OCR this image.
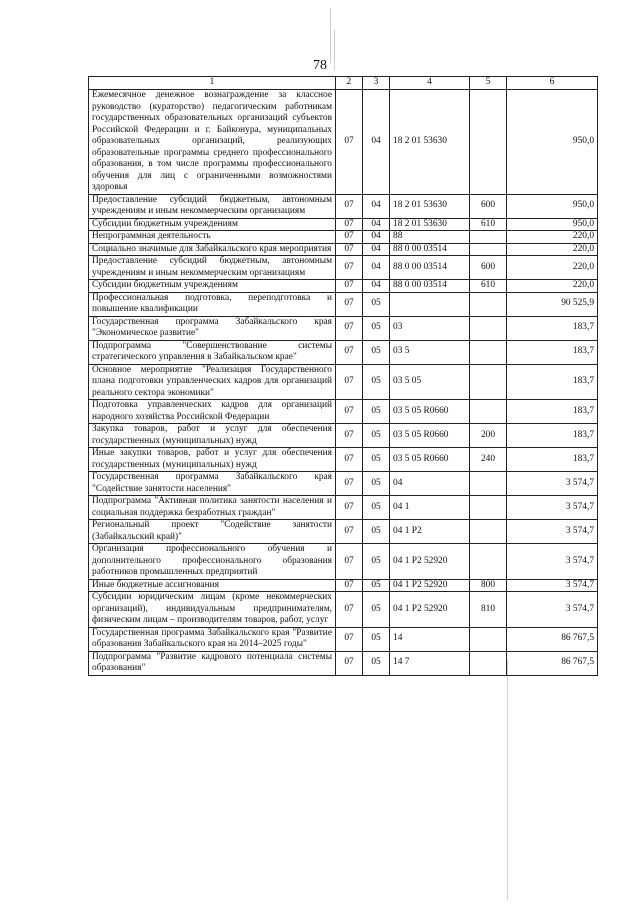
78
1	2	3	4	5	6
Ежемесячное денежное вознаграждение за классное руководство (кураторство) педагогическим работникам государственных образовательных организаций субъектов Российской Федерации и г. Байконура, муниципальных образовательных организаций, реализующих образовательные программы среднего профессионального образования, в том числе программы профессионального обучения для лиц с ограниченными возможностями здоровья	07	04	18 2 01 53630		950,0
Предоставление субсидий бюджетным, автономным учреждениям и иным некоммерческим организациям	07	04	18 2 01 53630	600	950,0
Субсидии бюджетным учреждениям	07	04	18 2 01 53630	610	950,0
Непрограммная деятельность	07	04	88		220,0
Социально значимые для Забайкальского края мероприятия	07	04	88 0 00 03514		220,0
Предоставление субсидий бюджетным, автономным учреждениям и иным некоммерческим организациям	07	04	88 0 00 03514	600	220,0
Субсидии бюджетным учреждениям	07	04	88 0 00 03514	610	220,0
Профессиональная подготовка, переподготовка и повышение квалификации	07	05			90 525,9
Государственная программа Забайкальского края "Экономическое развитие"	07	05	03		183,7
Подпрограмма "Совершенствование системы стратегического управления в Забайкальском крае"	07	05	03 5		183,7
Основное мероприятие "Реализация Государственного плана подготовки управленческих кадров для организаций реального сектора экономики"	07	05	03 5 05		183,7
Подготовка управленческих кадров для организаций народного хозяйства Российской Федерации	07	05	03 5 05 R0660		183,7
Закупка товаров, работ и услуг для обеспечения государственных (муниципальных) нужд	07	05	03 5 05 R0660	200	183,7
Иные закупки товаров, работ и услуг для обеспечения государственных (муниципальных) нужд	07	05	03 5 05 R0660	240	183,7
Государственная программа Забайкальского края "Содействие занятости населения"	07	05	04		3 574,7
Подпрограмма "Активная политика занятости населения и социальная поддержка безработных граждан"	07	05	04 1		3 574,7
Региональный проект "Содействие занятости (Забайкальский край)"	07	05	04 1 P2		3 574,7
Организация профессионального обучения и дополнительного профессионального образования работников промышленных предприятий	07	05	04 1 P2 52920		3 574,7
Иные бюджетные ассигнования	07	05	04 1 P2 52920	800	3 574,7
Субсидии юридическим лицам (кроме некоммерческих организаций), индивидуальным предпринимателям, физическим лицам – производителям товаров, работ, услуг	07	05	04 1 P2 52920	810	3 574,7
Государственная программа Забайкальского края "Развитие образования Забайкальского края на 2014–2025 годы"	07	05	14		86 767,5
Подпрограмма "Развитие кадрового потенциала системы образования"	07	05	14 7		86 767,5
